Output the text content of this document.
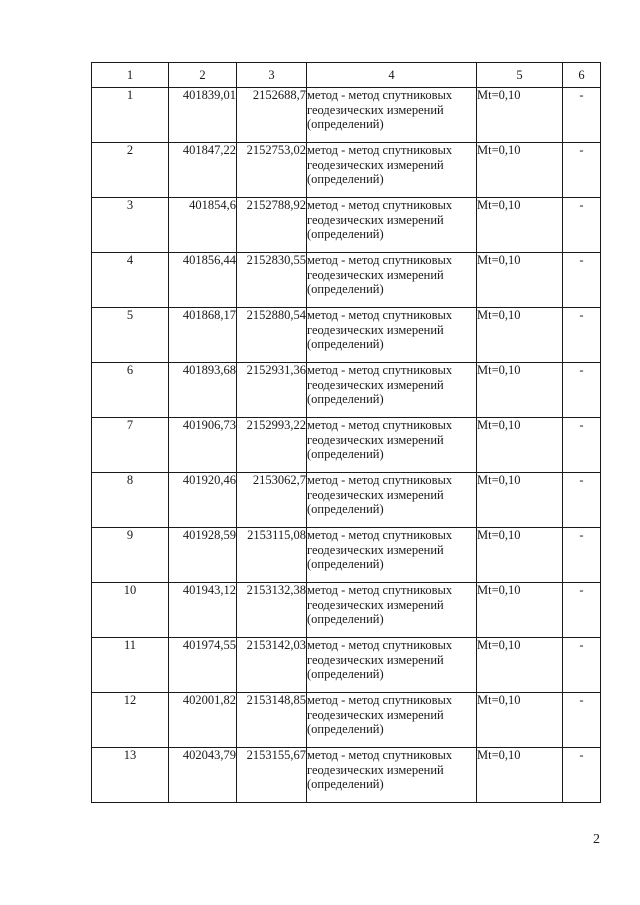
1	2	3	4	5	6
1	401839,01	2152688,7	метод - метод спутниковых геодезических измерений (определений)	Mt=0,10	-
2	401847,22	2152753,02	метод - метод спутниковых геодезических измерений (определений)	Mt=0,10	-
3	401854,6	2152788,92	метод - метод спутниковых геодезических измерений (определений)	Mt=0,10	-
4	401856,44	2152830,55	метод - метод спутниковых геодезических измерений (определений)	Mt=0,10	-
5	401868,17	2152880,54	метод - метод спутниковых геодезических измерений (определений)	Mt=0,10	-
6	401893,68	2152931,36	метод - метод спутниковых геодезических измерений (определений)	Mt=0,10	-
7	401906,73	2152993,22	метод - метод спутниковых геодезических измерений (определений)	Mt=0,10	-
8	401920,46	2153062,7	метод - метод спутниковых геодезических измерений (определений)	Mt=0,10	-
9	401928,59	2153115,08	метод - метод спутниковых геодезических измерений (определений)	Mt=0,10	-
10	401943,12	2153132,38	метод - метод спутниковых геодезических измерений (определений)	Mt=0,10	-
11	401974,55	2153142,03	метод - метод спутниковых геодезических измерений (определений)	Mt=0,10	-
12	402001,82	2153148,85	метод - метод спутниковых геодезических измерений (определений)	Mt=0,10	-
13	402043,79	2153155,67	метод - метод спутниковых геодезических измерений (определений)	Mt=0,10	-
2
